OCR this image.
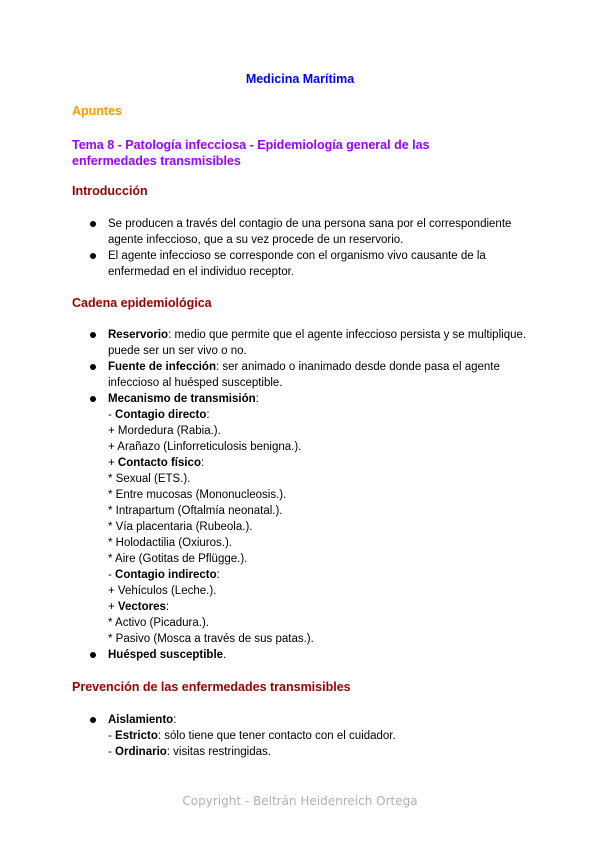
Medicina Marítima
Apuntes
Tema 8 - Patología infecciosa - Epidemiología general de las
enfermedades transmisibles
Introducción
Se producen a través del contagio de una persona sana por el correspondiente agente infeccioso, que a su vez procede de un reservorio.
El agente infeccioso se corresponde con el organismo vivo causante de la enfermedad en el individuo receptor.
Cadena epidemiológica
Reservorio: medio que permite que el agente infeccioso persista y se multiplique. puede ser un ser vivo o no.
Fuente de infección: ser animado o inanimado desde donde pasa el agente infeccioso al huésped susceptible.
Mecanismo de transmisión:
- Contagio directo:
+ Mordedura (Rabia.).
+ Arañazo (Linforreticulosis benigna.).
+ Contacto físico:
* Sexual (ETS.).
* Entre mucosas (Mononucleosis.).
* Intrapartum (Oftalmía neonatal.).
* Vía placentaria (Rubeola.).
* Holodactilia (Oxiuros.).
* Aire (Gotitas de Pflügge.).
- Contagio indirecto:
+ Vehículos (Leche.).
+ Vectores:
* Activo (Picadura.).
* Pasivo (Mosca a través de sus patas.).
Huésped susceptible.
Prevención de las enfermedades transmisibles
Aislamiento:
- Estricto: sólo tiene que tener contacto con el cuidador.
- Ordinario: visitas restringidas.
Copyright - Beltrán Heidenreich Ortega
